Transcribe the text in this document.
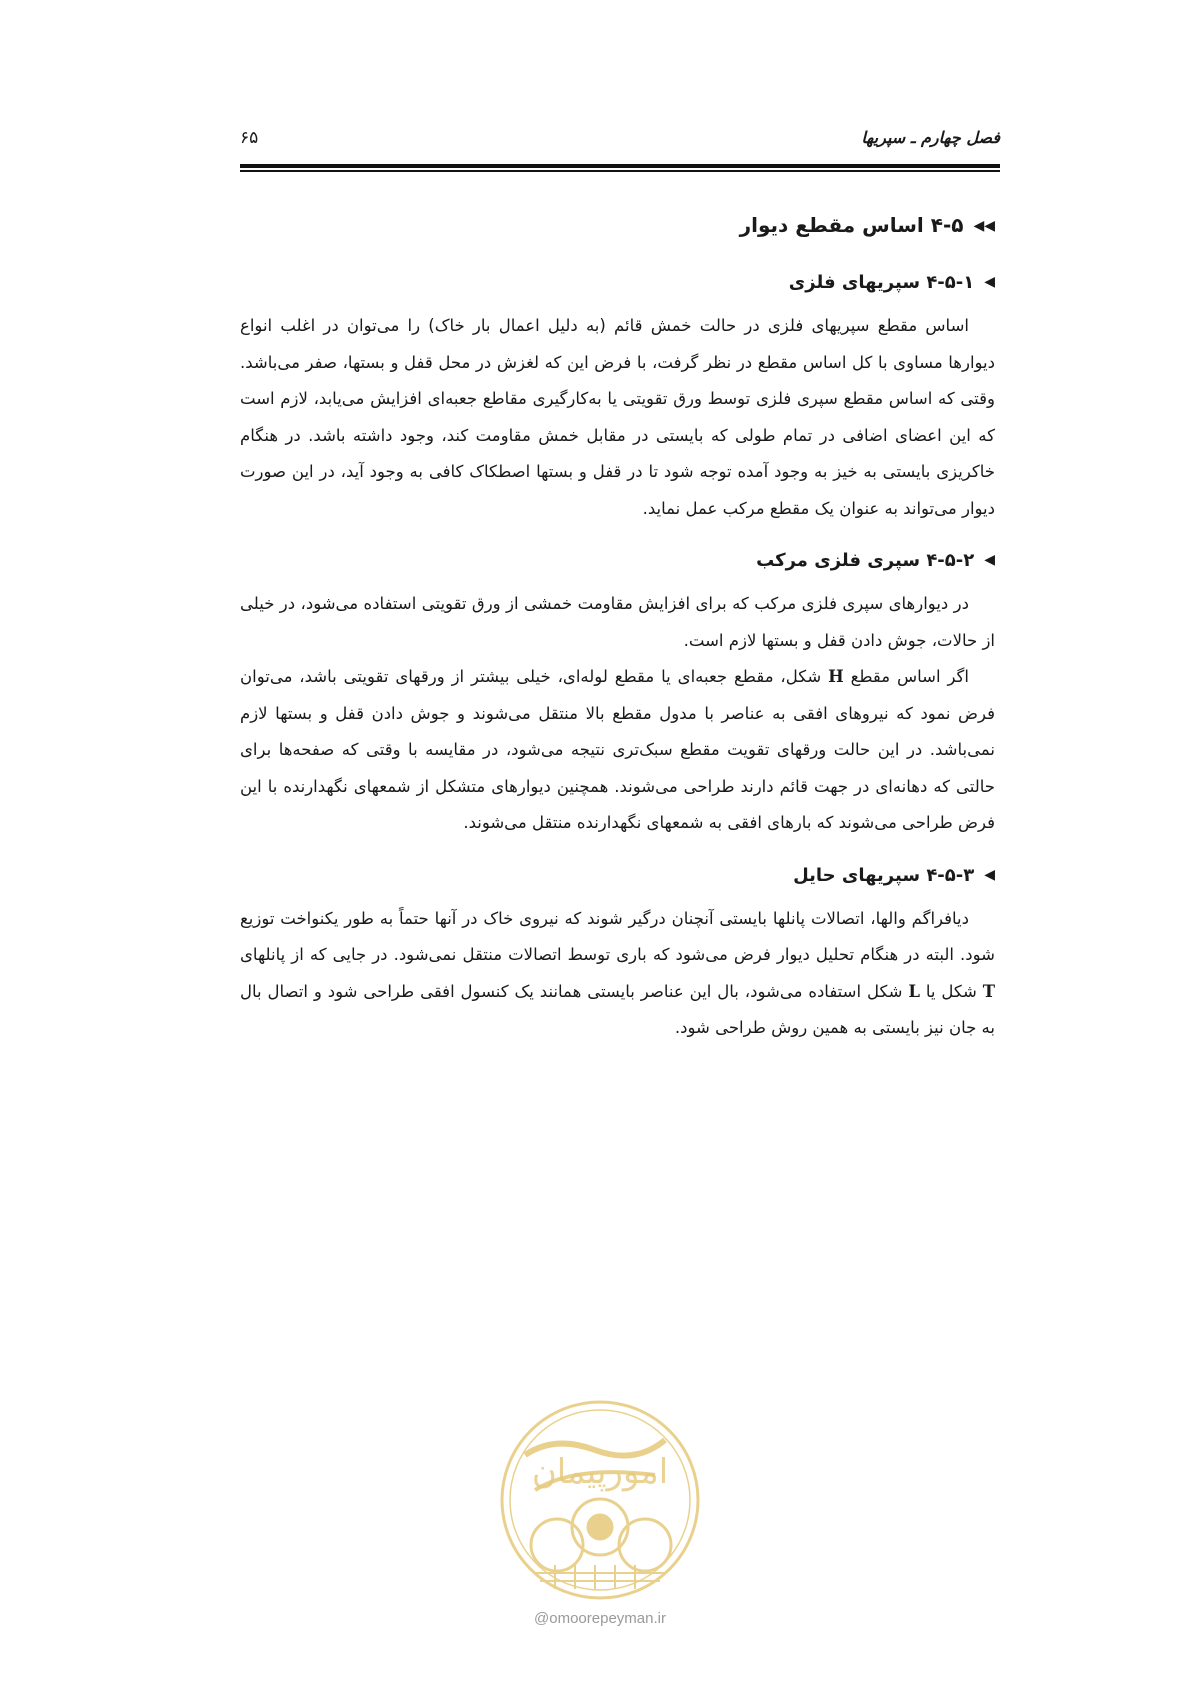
فصل چهارم ـ سپریها
۶۵
◀◀۴-۵ اساس مقطع دیوار
◀۴-۵-۱ سپریهای فلزی

اساس مقطع سپریهای فلزی در حالت خمش قائم (به دلیل اعمال بار خاک) را می‌توان در اغلب انواع دیوارها مساوی با کل اساس مقطع در نظر گرفت، با فرض این که لغزش در محل قفل و بستها، صفر می‌باشد. وقتی که اساس مقطع سپری فلزی توسط ورق تقویتی یا به‌کارگیری مقاطع جعبه‌ای افزایش می‌یابد، لازم است که این اعضای اضافی در تمام طولی که بایستی در مقابل خمش مقاومت کند، وجود داشته باشد. در هنگام خاکریزی بایستی به خیز به وجود آمده توجه شود تا در قفل و بستها اصطکاک کافی به وجود آید، در این صورت دیوار می‌تواند به عنوان یک مقطع مرکب عمل نماید.

◀۴-۵-۲ سپری فلزی مرکب

در دیوارهای سپری فلزی مرکب که برای افزایش مقاومت خمشی از ورق تقویتی استفاده می‌شود، در خیلی از حالات، جوش دادن قفل و بستها لازم است.

اگر اساس مقطع H شکل، مقطع جعبه‌ای یا مقطع لوله‌ای، خیلی بیشتر از ورقهای تقویتی باشد، می‌توان فرض نمود که نیروهای افقی به عناصر با مدول مقطع بالا منتقل می‌شوند و جوش دادن قفل و بستها لازم نمی‌باشد. در این حالت ورقهای تقویت مقطع سبک‌تری نتیجه می‌شود، در مقایسه با وقتی که صفحه‌ها برای حالتی که دهانه‌ای در جهت قائم دارند طراحی می‌شوند. همچنین دیوارهای متشکل از شمعهای نگهدارنده با این فرض طراحی می‌شوند که بارهای افقی به شمعهای نگهدارنده منتقل می‌شوند.

◀۴-۵-۳ سپریهای حایل

دیافراگم والها، اتصالات پانلها بایستی آنچنان درگیر شوند که نیروی خاک در آنها حتماً به طور یکنواخت توزیع شود. البته در هنگام تحلیل دیوار فرض می‌شود که باری توسط اتصالات منتقل نمی‌شود. در جایی که از پانلهای T شکل یا L شکل استفاده می‌شود، بال این عناصر بایستی همانند یک کنسول افقی طراحی شود و اتصال بال به جان نیز بایستی به همین روش طراحی شود.

امورپیمان
@omoorepeyman.ir
